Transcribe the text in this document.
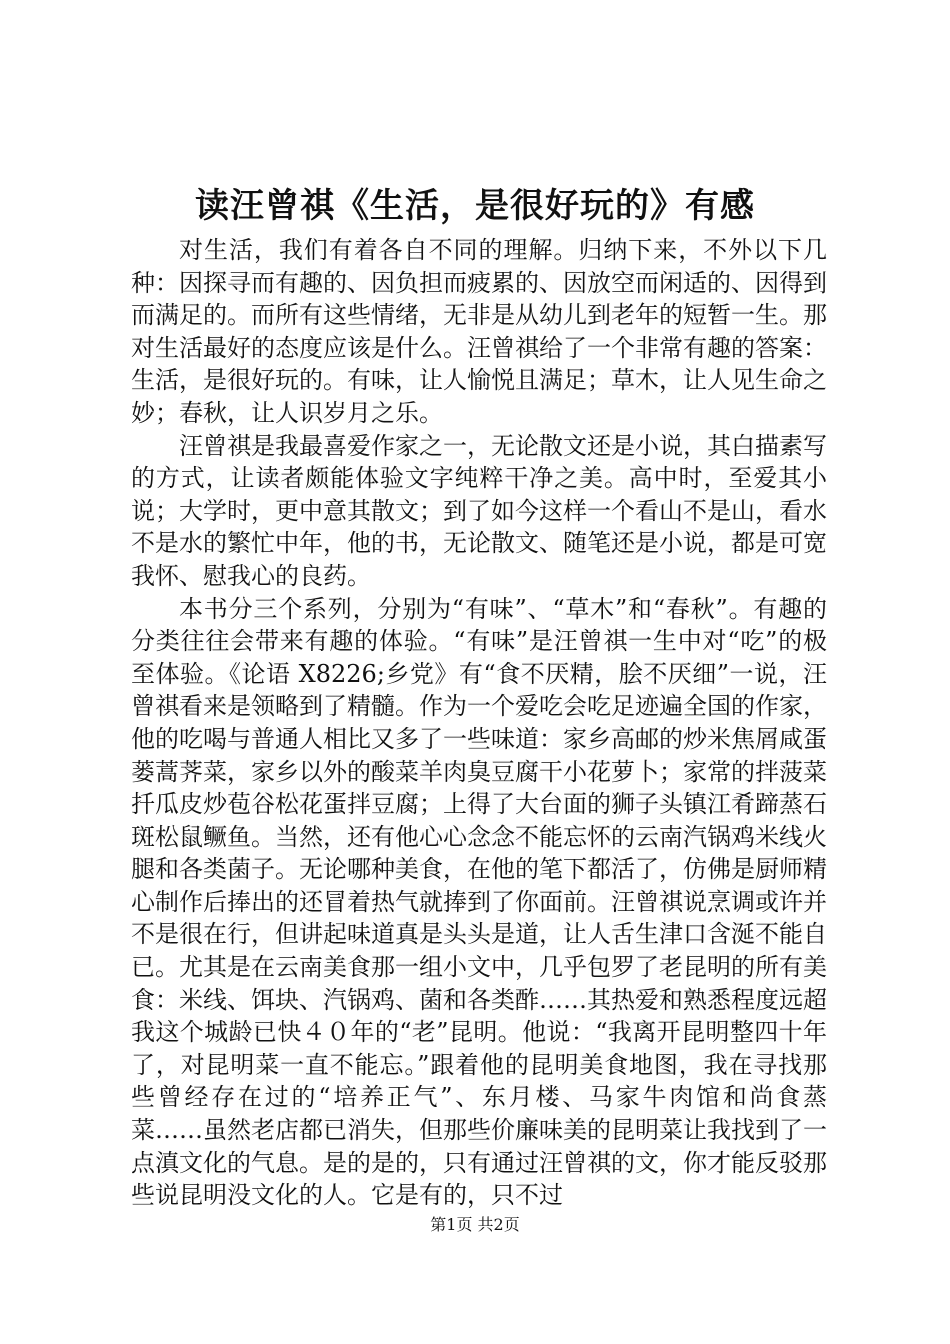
读汪曾祺《生活，是很好玩的》有感

对生活，我们有着各自不同的理解。归纳下来，不外以下几种：因探寻而有趣的、因负担而疲累的、因放空而闲适的、因得到而满足的。而所有这些情绪，无非是从幼儿到老年的短暂一生。那对生活最好的态度应该是什么。汪曾祺给了一个非常有趣的答案：生活，是很好玩的。有味，让人愉悦且满足；草木，让人见生命之妙；春秋，让人识岁月之乐。

汪曾祺是我最喜爱作家之一，无论散文还是小说，其白描素写的方式，让读者颇能体验文字纯粹干净之美。高中时，至爱其小说；大学时，更中意其散文；到了如今这样一个看山不是山，看水不是水的繁忙中年，他的书，无论散文、随笔还是小说，都是可宽我怀、慰我心的良药。

本书分三个系列，分别为“有味”、“草木”和“春秋”。有趣的分类往往会带来有趣的体验。“有味”是汪曾祺一生中对“吃”的极至体验。《论语 X8226;乡党》有“食不厌精，脍不厌细”一说，汪曾祺看来是领略到了精髓。作为一个爱吃会吃足迹遍全国的作家，他的吃喝与普通人相比又多了一些味道：家乡高邮的炒米焦屑咸蛋蒌蒿荠菜，家乡以外的酸菜羊肉臭豆腐干小花萝卜；家常的拌菠菜扦瓜皮炒苞谷松花蛋拌豆腐；上得了大台面的狮子头镇江肴蹄蒸石斑松鼠鳜鱼。当然，还有他心心念念不能忘怀的云南汽锅鸡米线火腿和各类菌子。无论哪种美食，在他的笔下都活了，仿佛是厨师精心制作后捧出的还冒着热气就捧到了你面前。汪曾祺说烹调或许并不是很在行，但讲起味道真是头头是道，让人舌生津口含涎不能自已。尤其是在云南美食那一组小文中，几乎包罗了老昆明的所有美食：米线、饵块、汽锅鸡、菌和各类酢……其热爱和熟悉程度远超我这个城龄已快４０年的“老”昆明。他说：“我离开昆明整四十年了，对昆明菜一直不能忘。”跟着他的昆明美食地图，我在寻找那些曾经存在过的“培养正气”、东月楼、马家牛肉馆和尚食蒸菜……虽然老店都已消失，但那些价廉味美的昆明菜让我找到了一点滇文化的气息。是的是的，只有通过汪曾祺的文，你才能反驳那些说昆明没文化的人。它是有的，只不过

第1页 共2页
